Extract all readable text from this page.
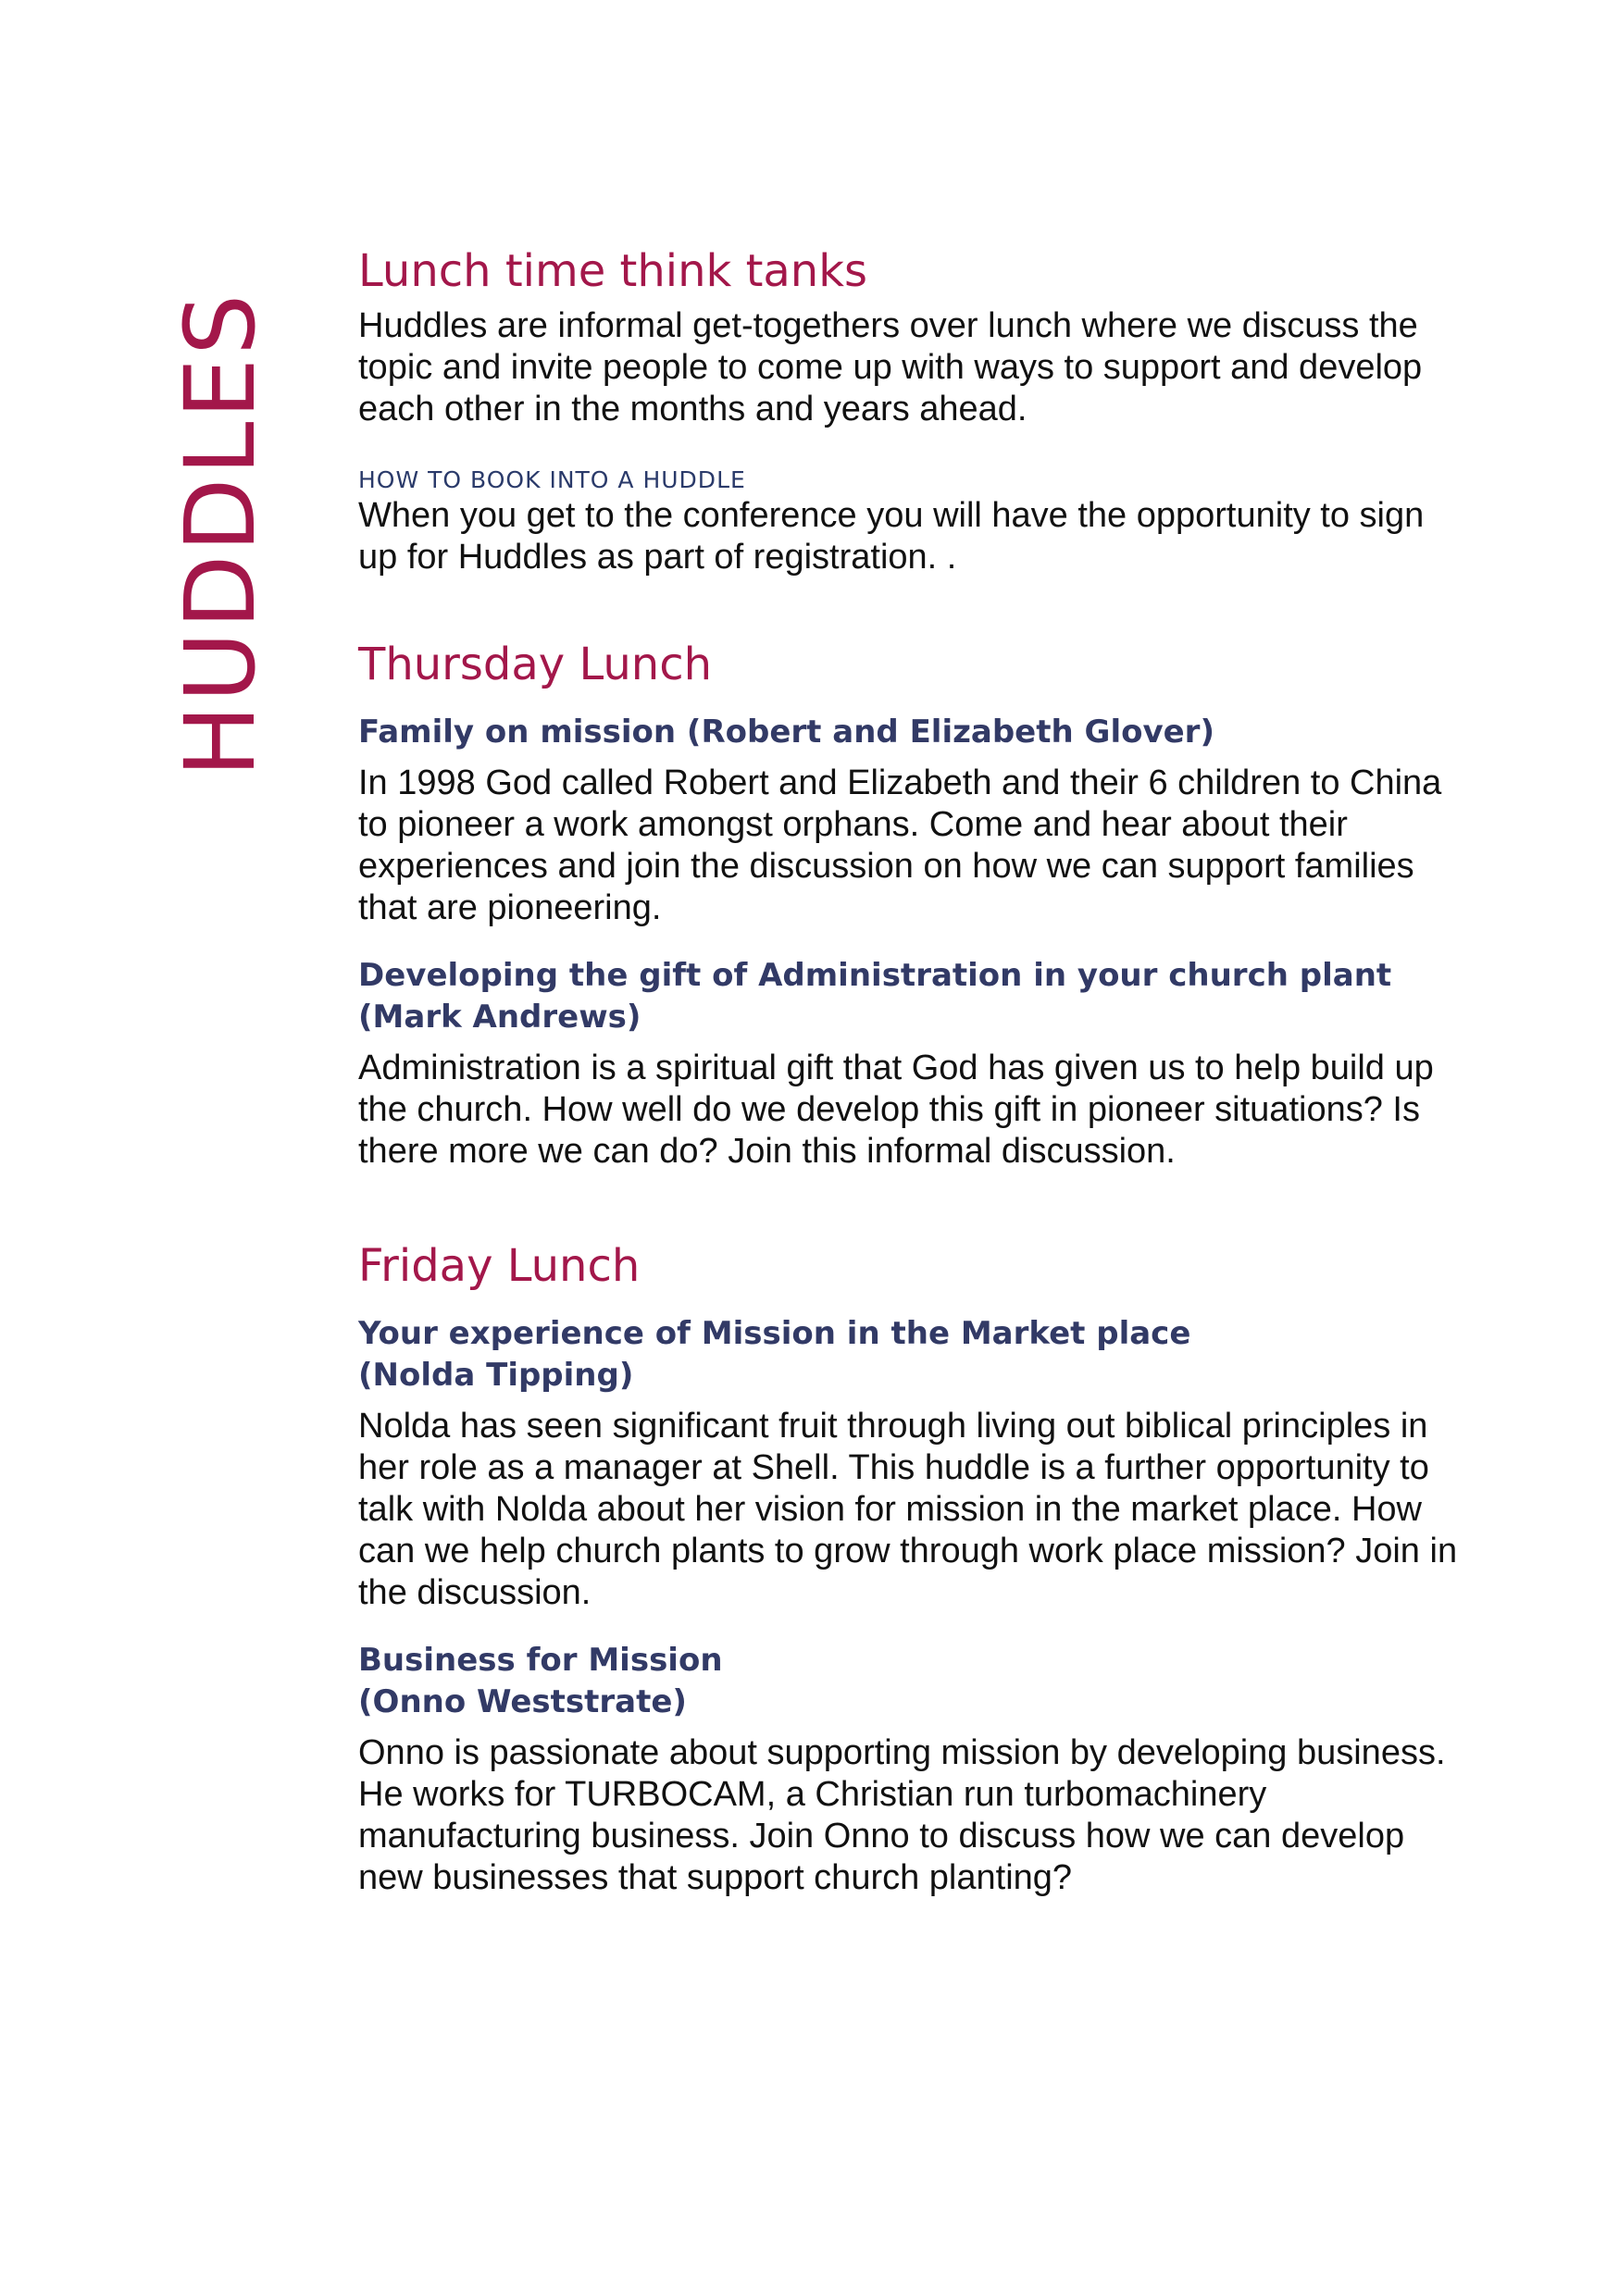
HUDDLES
Lunch time think tanks

Huddles are informal get-togethers over lunch where we discuss the topic and invite people to come up with ways to support and develop each other in the months and years ahead.

HOW TO BOOK INTO A HUDDLE

When you get to the conference you will have the opportunity to sign up for Huddles as part of registration. .

Thursday Lunch

Family on mission (Robert and Elizabeth Glover)

In 1998 God called Robert and Elizabeth and their 6 children to China to pioneer a work amongst orphans. Come and hear about their experiences and join the discussion on how we can support families that are pioneering.

Developing the gift of Administration in your church plant (Mark Andrews)

Administration is a spiritual gift that God has given us to help build up the church. How well do we develop this gift in pioneer situations? Is there more we can do? Join this informal discussion.

Friday Lunch

Your experience of Mission in the Market place
(Nolda Tipping)

Nolda has seen significant fruit through living out biblical principles in her role as a manager at Shell. This huddle is a further opportunity to talk with Nolda about her vision for mission in the market place. How can we help church plants to grow through work place mission? Join in the discussion.

Business for Mission
(Onno Weststrate)

Onno is passionate about supporting mission by developing business. He works for TURBOCAM, a Christian run turbomachinery manufacturing business. Join Onno to discuss how we can develop new businesses that support church planting?
